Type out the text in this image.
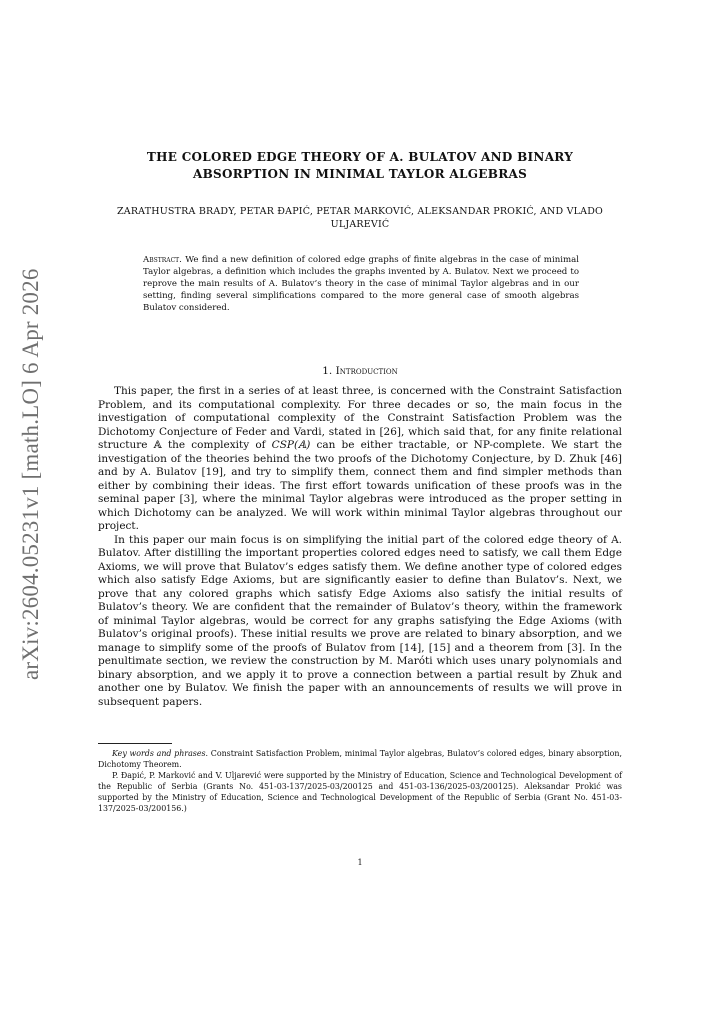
arXiv:2604.05231v1 [math.LO] 6 Apr 2026
THE COLORED EDGE THEORY OF A. BULATOV AND BINARY ABSORPTION IN MINIMAL TAYLOR ALGEBRAS
ZARATHUSTRA BRADY, PETAR ĐAPIĆ, PETAR MARKOVIĆ, ALEKSANDAR PROKIĆ, AND VLADO ULJAREVIĆ
Abstract. We find a new definition of colored edge graphs of finite algebras in the case of minimal Taylor algebras, a definition which includes the graphs invented by A. Bulatov. Next we proceed to reprove the main results of A. Bulatov’s theory in the case of minimal Taylor algebras and in our setting, finding several simplifications compared to the more general case of smooth algebras Bulatov considered.
1. Introduction

This paper, the first in a series of at least three, is concerned with the Constraint Satisfaction Problem, and its computational complexity. For three decades or so, the main focus in the investigation of computational complexity of the Constraint Satisfaction Problem was the Dichotomy Conjecture of Feder and Vardi, stated in [26], which said that, for any finite relational structure 𝔸 the complexity of CSP(𝔸) can be either tractable, or NP-complete. We start the investigation of the theories behind the two proofs of the Dichotomy Conjecture, by D. Zhuk [46] and by A. Bulatov [19], and try to simplify them, connect them and find simpler methods than either by combining their ideas. The first effort towards unification of these proofs was in the seminal paper [3], where the minimal Taylor algebras were introduced as the proper setting in which Dichotomy can be analyzed. We will work within minimal Taylor algebras throughout our project.

In this paper our main focus is on simplifying the initial part of the colored edge theory of A. Bulatov. After distilling the important properties colored edges need to satisfy, we call them Edge Axioms, we will prove that Bulatov’s edges satisfy them. We define another type of colored edges which also satisfy Edge Axioms, but are significantly easier to define than Bulatov’s. Next, we prove that any colored graphs which satisfy Edge Axioms also satisfy the initial results of Bulatov’s theory. We are confident that the remainder of Bulatov’s theory, within the framework of minimal Taylor algebras, would be correct for any graphs satisfying the Edge Axioms (with Bulatov’s original proofs). These initial results we prove are related to binary absorption, and we manage to simplify some of the proofs of Bulatov from [14], [15] and a theorem from [3]. In the penultimate section, we review the construction by M. Maróti which uses unary polynomials and binary absorption, and we apply it to prove a connection between a partial result by Zhuk and another one by Bulatov. We finish the paper with an announcements of results we will prove in subsequent papers.

Key words and phrases. Constraint Satisfaction Problem, minimal Taylor algebras, Bulatov’s colored edges, binary absorption, Dichotomy Theorem.

P. Đapić, P. Marković and V. Uljarević were supported by the Ministry of Education, Science and Technological Development of the Republic of Serbia (Grants No. 451-03-137/2025-03/200125 and 451-03-136/2025-03/200125). Aleksandar Prokić was supported by the Ministry of Education, Science and Technological Development of the Republic of Serbia (Grant No. 451-03-137/2025-03/200156.)

1
